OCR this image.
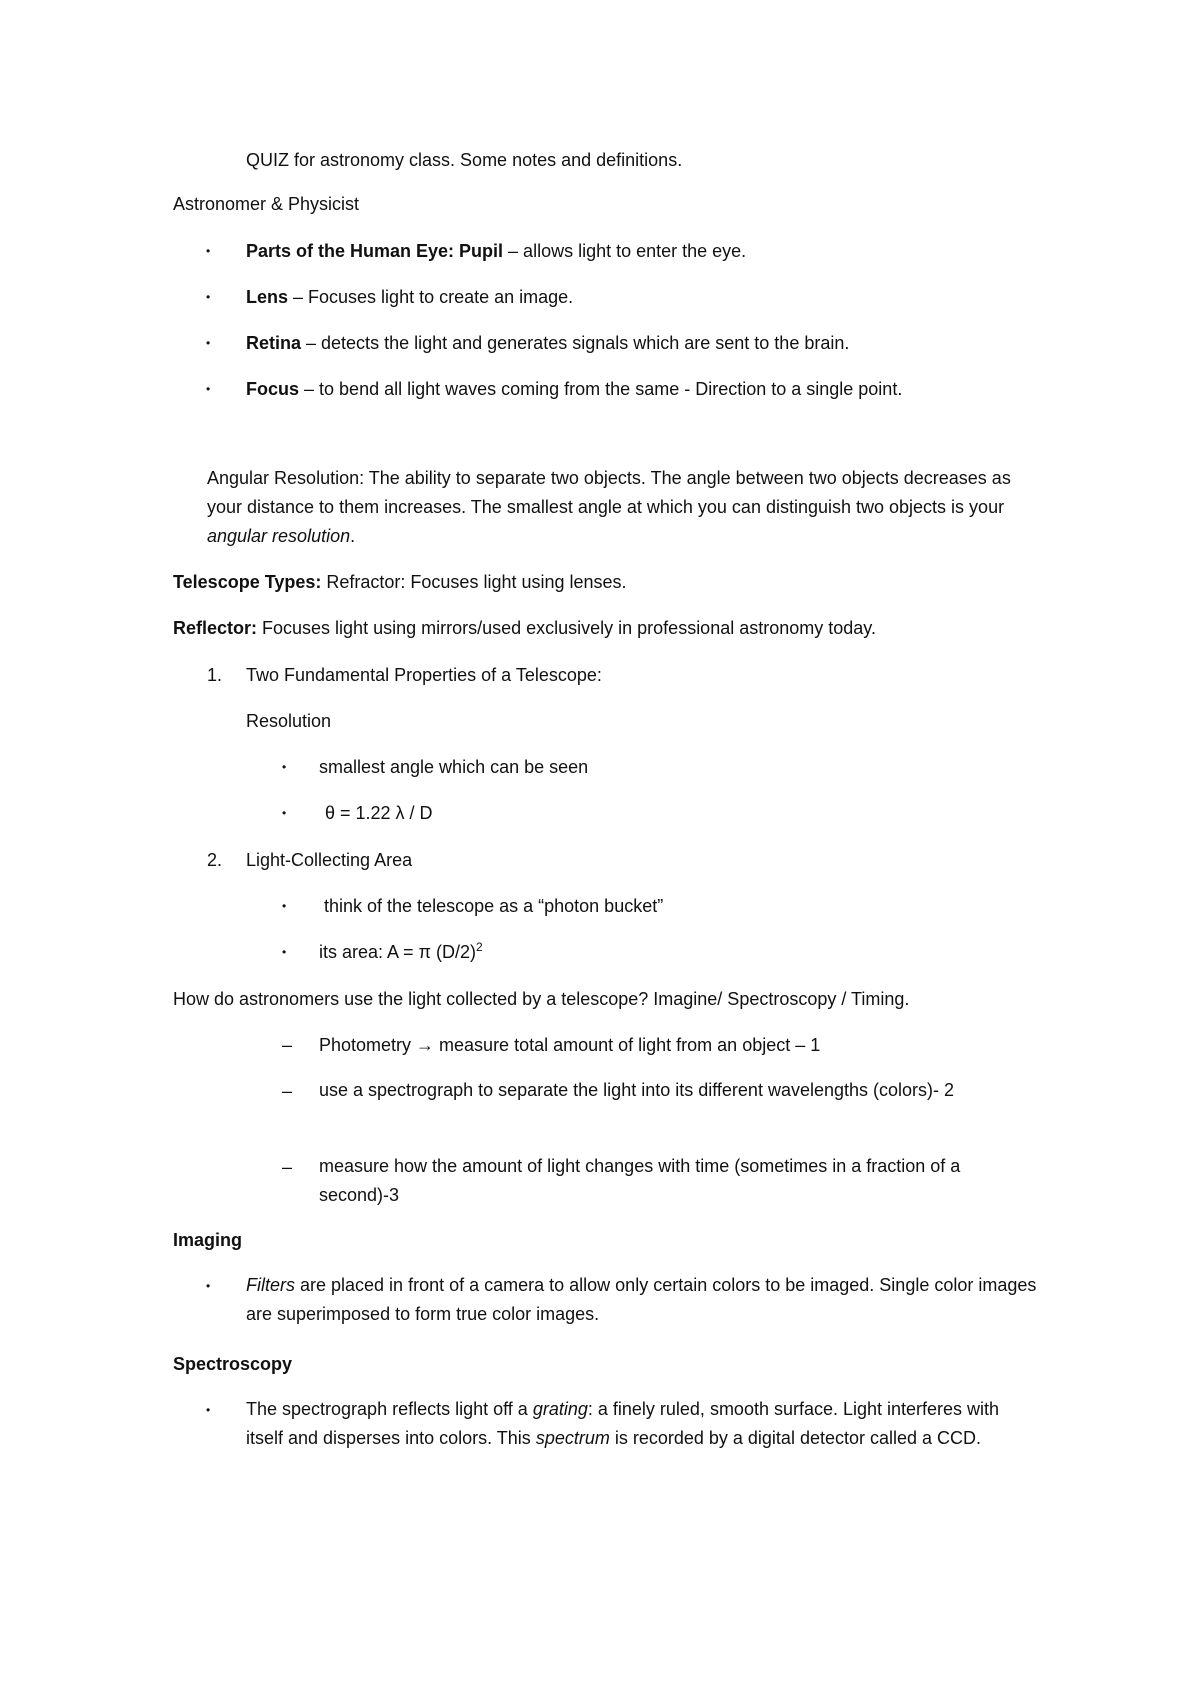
QUIZ for astronomy class. Some notes and definitions.
Astronomer & Physicist
• Parts of the Human Eye: Pupil – allows light to enter the eye.
• Lens – Focuses light to create an image.
• Retina – detects the light and generates signals which are sent to the brain.
• Focus – to bend all light waves coming from the same - Direction to a single point.
Angular Resolution: The ability to separate two objects. The angle between two objects decreases as your distance to them increases. The smallest angle at which you can distinguish two objects is your angular resolution.
Telescope Types: Refractor: Focuses light using lenses.
Reflector: Focuses light using mirrors/used exclusively in professional astronomy today.
1. Two Fundamental Properties of a Telescope:
Resolution
• smallest angle which can be seen
• θ = 1.22 λ / D
2. Light-Collecting Area
• think of the telescope as a “photon bucket”
• its area: A = π $(D/2)^2$
How do astronomers use the light collected by a telescope? Imagine/ Spectroscopy / Timing.
– Photometry → measure total amount of light from an object – 1
– use a spectrograph to separate the light into its different wavelengths (colors)- 2
– measure how the amount of light changes with time (sometimes in a fraction of a second)-3
Imaging
• Filters are placed in front of a camera to allow only certain colors to be imaged. Single color images are superimposed to form true color images.
Spectroscopy
• The spectrograph reflects light off a grating: a finely ruled, smooth surface. Light interferes with itself and disperses into colors. This spectrum is recorded by a digital detector called a CCD.
